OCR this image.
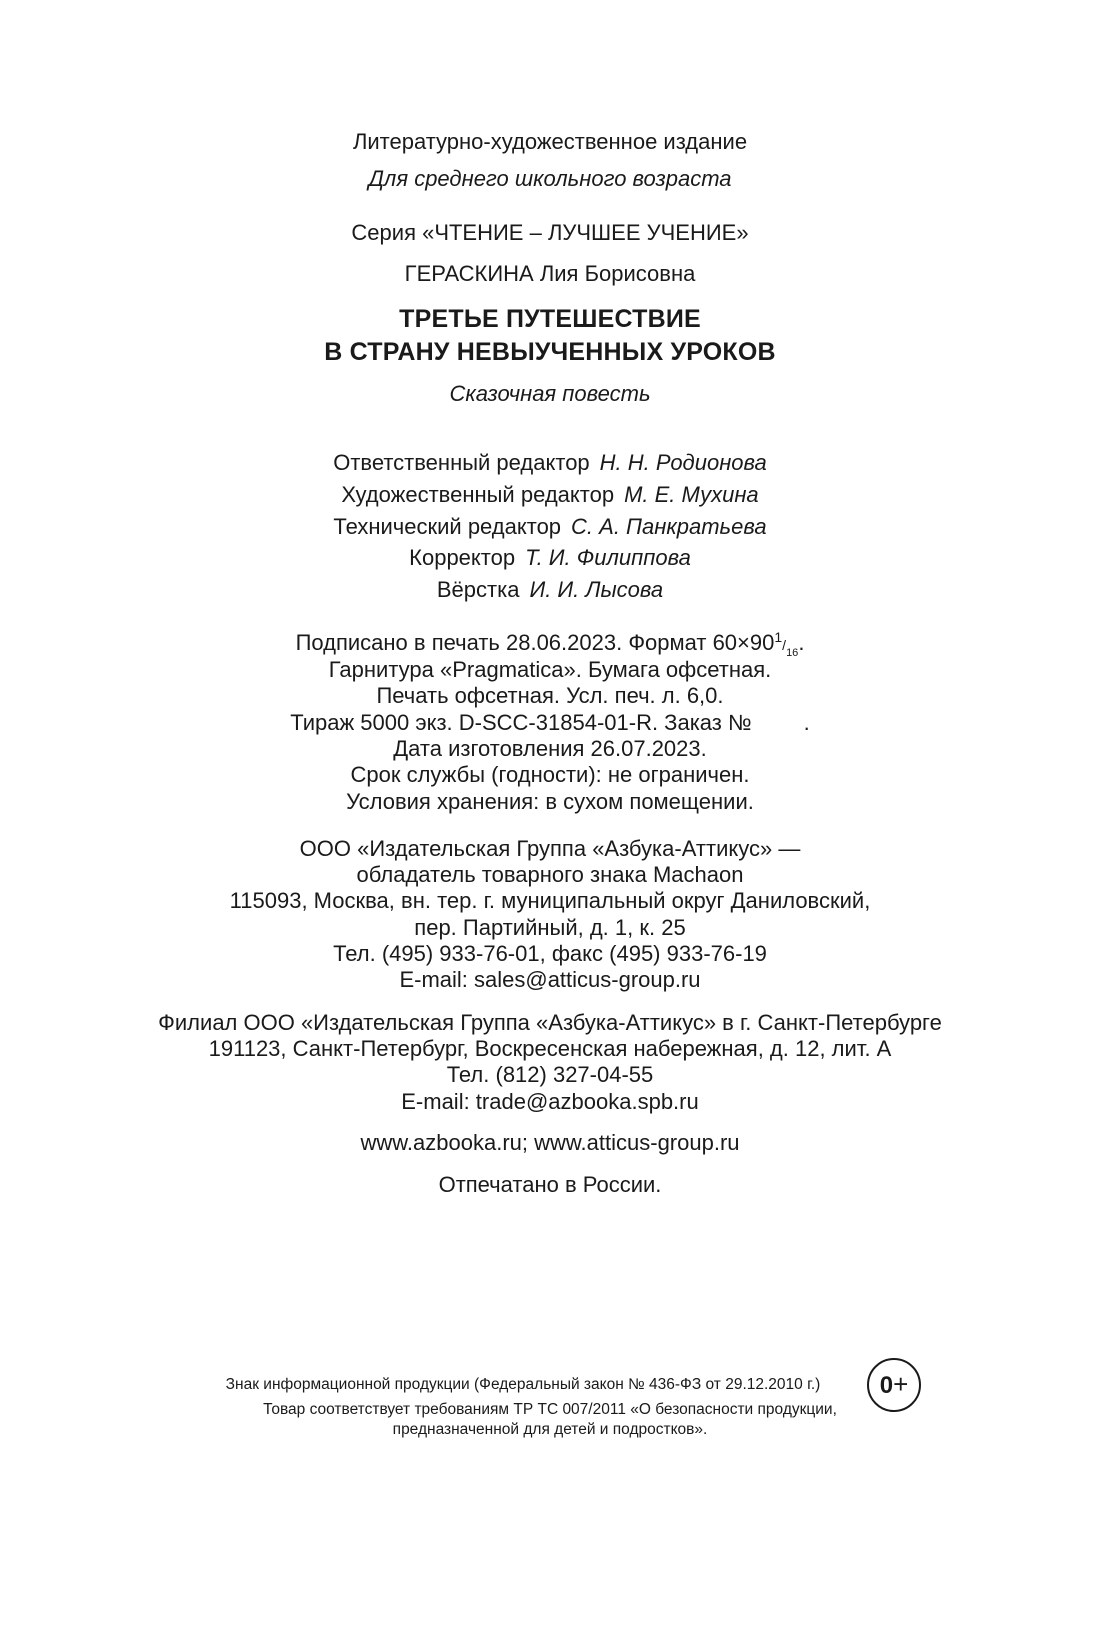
Литературно-художественное издание
Для среднего школьного возраста
Серия «ЧТЕНИЕ – ЛУЧШЕЕ УЧЕНИЕ»
ГЕРАСКИНА Лия Борисовна
ТРЕТЬЕ ПУТЕШЕСТВИЕ
В СТРАНУ НЕВЫУЧЕННЫХ УРОКОВ
Сказочная повесть
Ответственный редактор Н. Н. Родионова
Художественный редактор М. Е. Мухина
Технический редактор С. А. Панкратьева
Корректор Т. И. Филиппова
Вёрстка И. И. Лысова
Подписано в печать 28.06.2023. Формат $60\times 901/_{16}$.
Гарнитура «Pragmatica». Бумага офсетная.
Печать офсетная. Усл. печ. л. 6,0.
Тираж 5000 экз. D-SCC-31854-01-R. Заказ № .
Дата изготовления 26.07.2023.
Срок службы (годности): не ограничен.
Условия хранения: в сухом помещении.
ООО «Издательская Группа «Азбука-Аттикус» —
обладатель товарного знака Machaon
115093, Москва, вн. тер. г. муниципальный округ Даниловский,
пер. Партийный, д. 1, к. 25
Тел. (495) 933-76-01, факс (495) 933-76-19
E-mail: sales@atticus-group.ru
Филиал ООО «Издательская Группа «Азбука-Аттикус» в г. Санкт-Петербурге
191123, Санкт-Петербург, Воскресенская набережная, д. 12, лит. А
Тел. (812) 327-04-55
E-mail: trade@azbooka.spb.ru
www.azbooka.ru; www.atticus-group.ru
Отпечатано в России.
Знак информационной продукции (Федеральный закон № 436-ФЗ от 29.12.2010 г.)	0+
Товар соответствует требованиям ТР ТС 007/2011 «О безопасности продукции,
предназначенной для детей и подростков».
